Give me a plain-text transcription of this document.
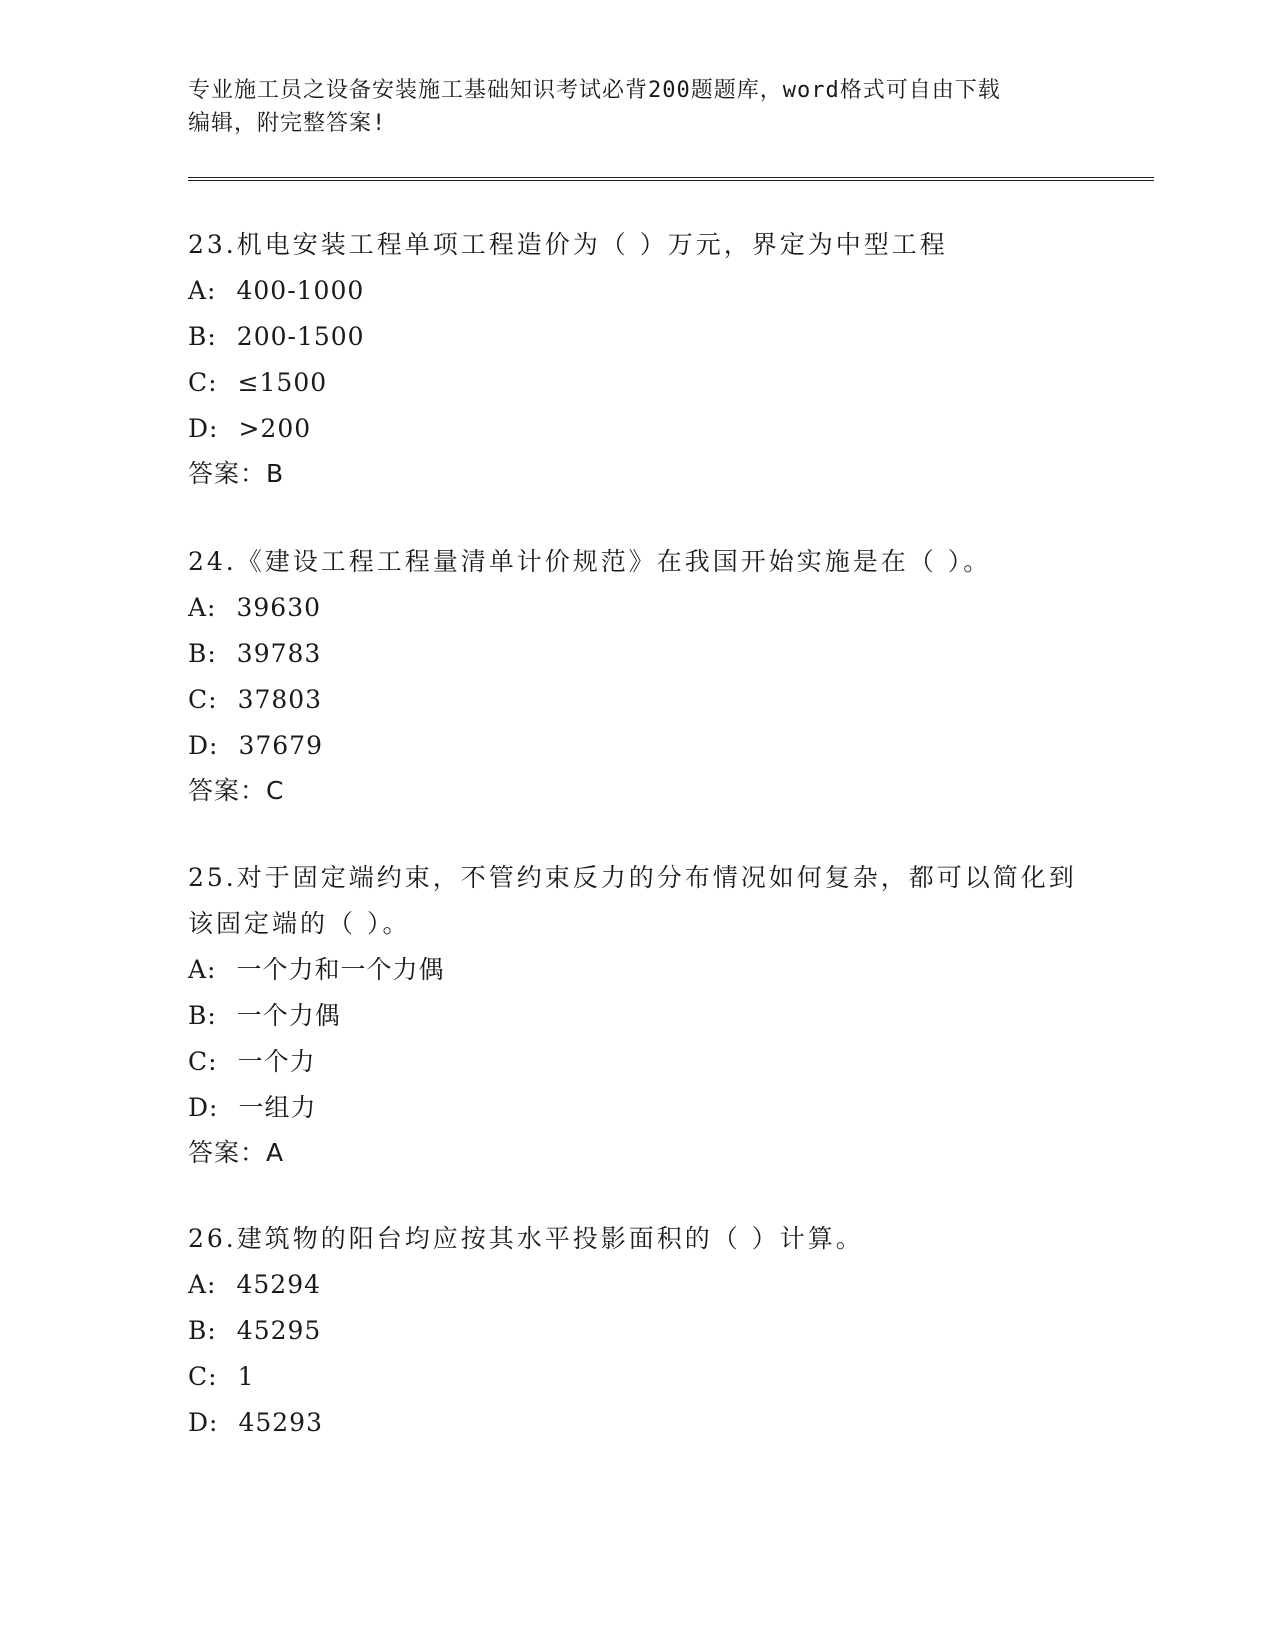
专业施工员之设备安装施工基础知识考试必背200题题库，word格式可自由下载
编辑，附完整答案!
23.机电安装工程单项工程造价为（ ）万元，界定为中型工程
A: 400-1000
B: 200-1500
C: ≤1500
D: >200
答案：B
24.《建设工程工程量清单计价规范》在我国开始实施是在（ ）。
A: 39630
B: 39783
C: 37803
D: 37679
答案：C
25.对于固定端约束，不管约束反力的分布情况如何复杂，都可以简化到该固定端的（ ）。
A: 一个力和一个力偶
B: 一个力偶
C: 一个力
D: 一组力
答案：A
26.建筑物的阳台均应按其水平投影面积的（ ）计算。
A: 45294
B: 45295
C: 1
D: 45293
